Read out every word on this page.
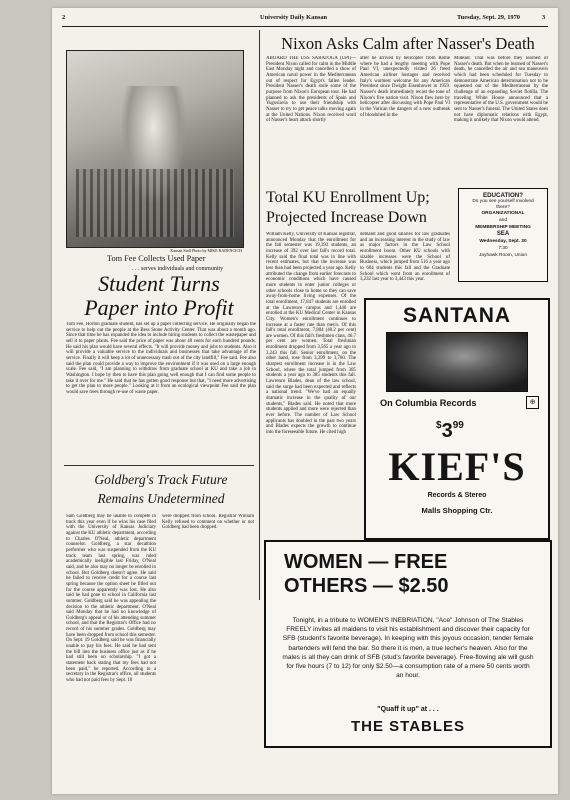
2	University Daily Kansan	Tuesday, Sept. 29, 1970	3
Kansan Staff Photo by MIKE RADENCICH
Tom Fee Collects Used Paper
. . . serves individuals and community
Student Turns
Paper into Profit
Tom Fee, Horton graduate student, has set up a paper collecting service. He originally began the service to help out the people at the Bess Stone Activity Center. That was about a month ago. Since that time he has expanded the idea to include hiring students to collect the wastepaper and sell it to paper plants. Fee said the price of paper was about 40 cents for each hundred pounds. He said his plan would have several effects. "It will provide money and jobs to students. Also it will provide a valuable service to the individuals and businesses that take advantage of the service. Finally it will keep a lot of unnecessary trash out of the city landfill," Fee said. Fee also said the plan could provide a way to improve the environment if it was used on a large enough scale. Fee said, "I am planning to withdraw from graduate school at KU and take a job in Washington. I hope by then to have this plan going well enough that I can find some people to take it over for me." He said that he has gotten good response but that, "I need more advertising to get the plan to more people." Looking at it from an ecological viewpoint Fee said the plan would save trees through re-use of waste paper.
Goldberg's Track Future
Remains Undetermined
Sam Goldberg may be unable to compete in track this year even if he wins his case filed with the University of Kansas Judiciary against the KU athletic department, according to Charles O'Neal, athletic department counselor. Goldberg, a star decathlon performer who was suspended from the KU track team last spring, was ruled academically ineligible last Friday, O'Neal said, and he also may no longer be enrolled in school. But Goldberg doesn't agree. He said he failed to receive credit for a course last spring because the option sheet he filled out for the course apparently was lost. He also said he had gone to school in California last summer. Goldberg said he was appealing the decision to the athletic department. O'Neal said Monday that he had no knowledge of Goldberg's appeal or of his attending summer school, and that the Registrar's Office had no record of his summer grades. Goldberg may have been dropped from school this semester. On Sept. 19 Goldberg said he was financially unable to pay his fees. He said he had sent the bill into the business office just as if he had still been on scholarship. "I got a statement back stating that my fees had not been paid," he reported. According to a secretary in the Registrar's office, all students who had not paid fees by Sept. 18
were dropped from school. Registrar William Kelly refused to comment on whether or not Goldberg had been dropped.
Nixon Asks Calm after Nasser's Death
ABOARD THE USS SARATOGA (UPI)—President Nixon called for calm in the Middle East Monday night and cancelled a show of American naval power in the Mediterranean out of respect for Egypt's fallen leader. President Nasser's death stole some of the purpose from Nixon's European tour. He had planned to ask the presidents of Spain and Yugoslavia to use their friendship with Nasser to try to get peace talks moving again at the United Nations. Nixon received word of Nasser's heart attack shortly
after he arrived by helicopter from Rome where he had a lengthy meeting with Pope Paul VI, unexpectedly visited 26 freed American airliner hostages and received Italy's warmest welcome for any American President since Dwight Eisenhower in 1959. Nasser's death immediately recast the tone of Nixon's five nation visit. Nixon flew here by helicopter after discussing with Pope Paul VI in the Vatican the dangers of a new outbreak of bloodshed in the
Mideast. That was before they learned of Nasser's death. But when he learned of Nasser's death, he cancelled the air and sea maneuvers which had been scheduled for Tuesday to demonstrate American determination not to be squeezed out of the Mediterranean by the challenge of an expanding Soviet flotilla. The traveling White House announced that a representative of the U.S. government would be sent to Nasser's funeral. The United States does not have diplomatic relations with Egypt, making it unlikely that Nixon would attend.
Total KU Enrollment Up;
Projected Increase Down
William Kelly, University of Kansas registrar, announced Monday that the enrollment for the fall semester was 19,393 students, an increase of 392 over last fall's record total. Kelly said the final total was in line with recent estimates, but that the increase was less than had been projected a year ago. Kelly attributed the change from earlier forecasts to economic conditions which have caused more students to enter junior colleges or other schools close to home so they can save away-from-home living expenses. Of the total enrollment, 17,847 students are enrolled at the Lawrence campus and 1,446 are enrolled at the KU Medical Center in Kansas City. Women's enrollment continues to increase at a faster rate than men's. Of this fall's total enrollment, 7,804 (40.2 per cent) are women. Of this fall's freshmen class, 46.7 per cent are women. Total freshman enrollment dropped from 3,565 a year ago to 3,243 this fall. Senior enrollment, on the other hand, rose from 3,399 to 3,760. The sharpest enrollment increase is in the Law School, where the total jumped from 385 students a year ago to 385 students this fall. Lawrence Blades, dean of the law school, said the surge had been expected and reflects a national trend. "We've had an equally dramatic increase in the quality of our students," Blades said. He noted that more students applied and more were rejected than ever before. The number of Law School applicants has doubled in the past two years and Blades expects the growth to continue into the foreseeable future. He cited high
demand and good salaries for law graduates and an increasing interest in the study of law as major factors in the Law School enrollment boom. Other KU schools with sizable increases were the School of Business, which jumped from 516 a year ago to 604 students this fall and the Graduate School which went from an enrollment of 3,232 last year to 3,443 this year.
EDUCATION?
Do you see yourself involved there?
ORGANIZATIONAL
and
MEMBERSHIP MEETING
SEA
Wednesday, Sept. 30
7:30
Jayhawk Room, Union
SANTANA
On Columbia Records	⊕
$^{\$}3^{99}$
KIEF'S
Records & Stereo
Malls Shopping Ctr.
WOMEN — FREE
OTHERS — $2.50
Tonight, in a tribute to WOMEN'S INEBRIATION, "Ace" Johnson of The Stables FREELY invites all maidens to visit his establishment and discover their capacity for SFB (student's favorite beverage). In keeping with this joyous occasion, tender female bartenders will fend the bar. So there it is men, a true lecher's heaven. Also for the males is all they can drink of SFB (stud's favorite beverage). Free-flowing ale will gush for five hours (7 to 12) for only $2.50—a consumption rate of a mere 50 cents worth an hour.
"Quaff it up" at . . .
THE STABLES
